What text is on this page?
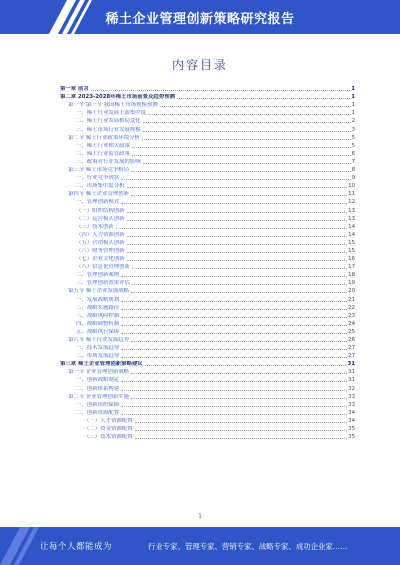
稀土企业管理创新策略研究报告
内容目录
第一章 前言	1
第二章 2023-2028年稀土市场前景及趋势预测	1
第一节 第一节 我国稀土市场规模预测	1
一、稀土行业发展上游集中度	1
二、稀土行业发展格局变化	2
三、稀土市场行业发展规模	3
第二节 稀土行业政策环境分析	5
一、稀土行业相关政策	5
二、稀土行业监管政策	6
三、政策对行业发展的影响	7
第三节 稀土市场竞争格局	8
一、行业竞争现状	9
二、市场集中度分析	10
第四节 稀土企业管理创新	11
一、管理创新模式	12
（一）组织结构创新	13
（二）运营模式创新	13
（三）技术创新	14
（四）人力资源创新	14
（五）营销模式创新	15
（六）财务管理创新	15
（七）企业文化创新	16
（八）信息化管理创新	17
二、管理创新案例	18
三、管理创新效果评估	19
第五节 稀土企业发展战略	20
一、发展战略规划	21
二、战略实施路径	22
三、战略风险控制	23
四、战略调整机制	24
五、战略执行保障	25
第六节 稀土行业发展趋势	26
一、技术发展趋势	27
二、市场发展趋势	27
第三章 稀土企业管理创新策略建议	31
第一节 企业管理创新策略	31
一、创新战略制定	31
二、创新体系构建	32
第二节 企业管理创新实施	33
一、创新组织保障	33
二、创新资源配置	34
（一）人才资源配置	34
（二）资金资源配置	35
（三）技术资源配置	35
1
让每个人都能成为	行业专家、管理专家、营销专家、战略专家、成功企业家……
